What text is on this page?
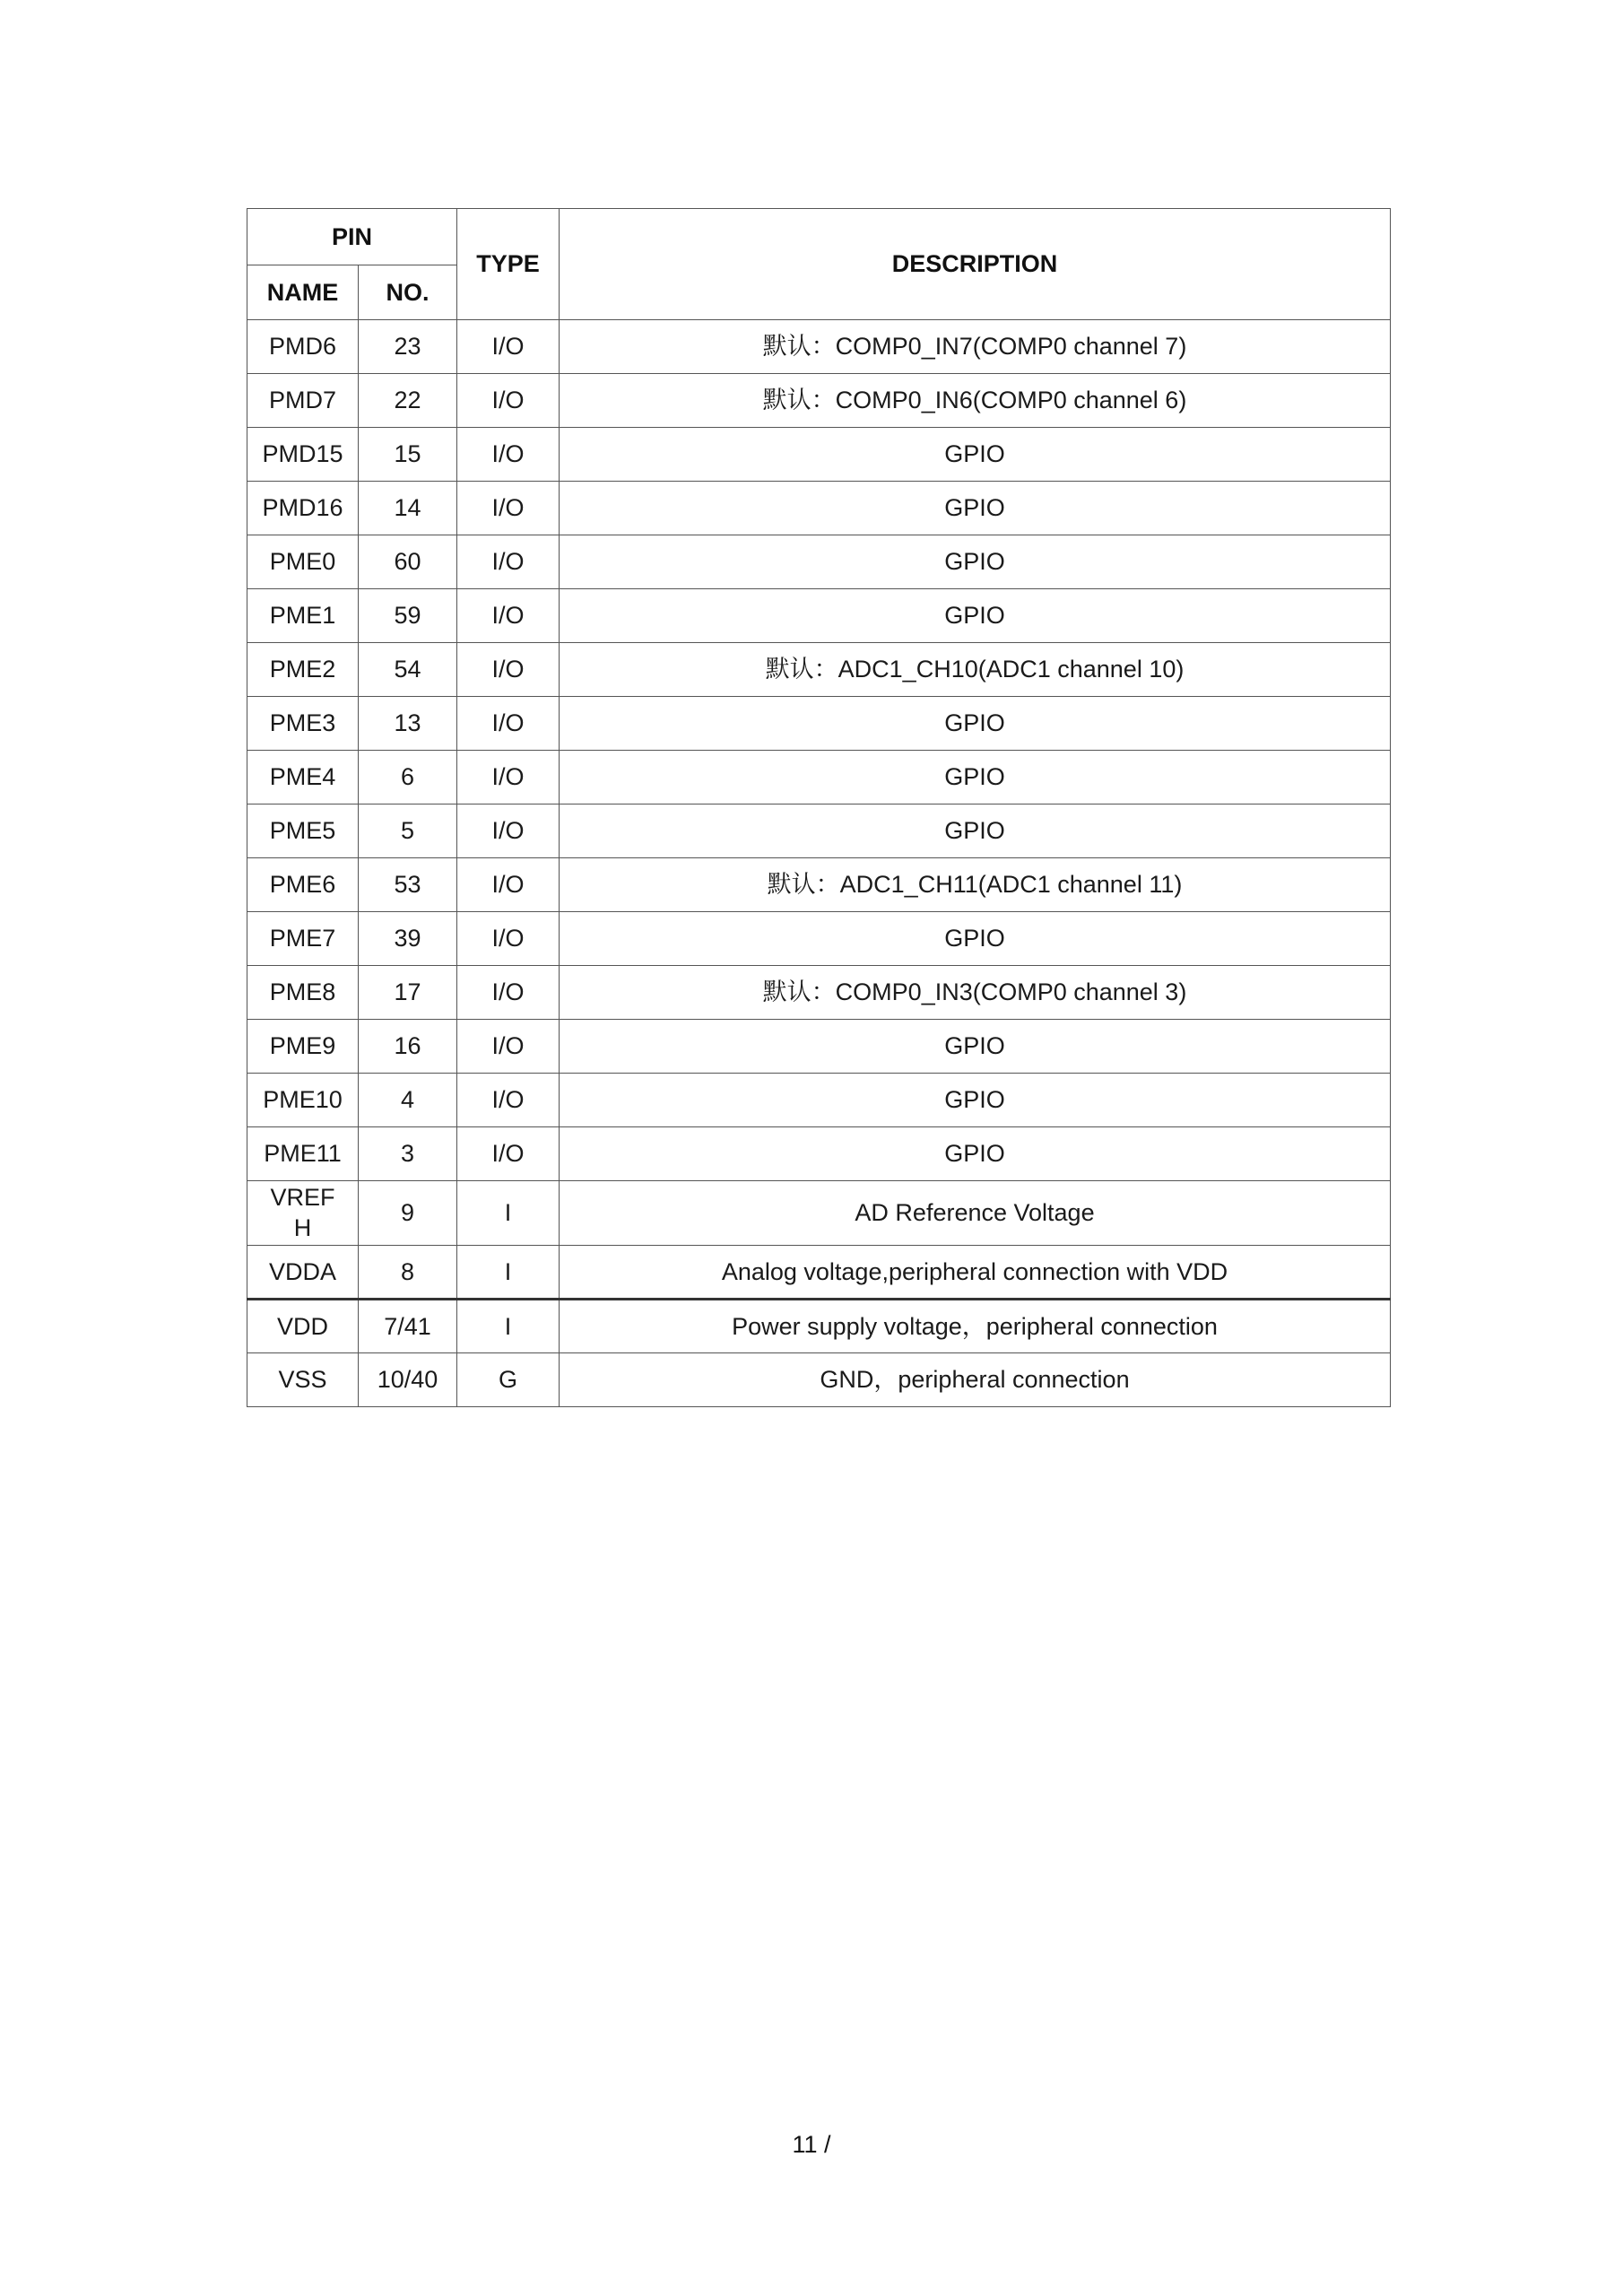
PIN		TYPE	DESCRIPTION
NAME	NO.		
PMD6	23	I/O	默认：COMP0_IN7(COMP0 channel 7)
PMD7	22	I/O	默认：COMP0_IN6(COMP0 channel 6)
PMD15	15	I/O	GPIO
PMD16	14	I/O	GPIO
PME0	60	I/O	GPIO
PME1	59	I/O	GPIO
PME2	54	I/O	默认：ADC1_CH10(ADC1 channel 10)
PME3	13	I/O	GPIO
PME4	6	I/O	GPIO
PME5	5	I/O	GPIO
PME6	53	I/O	默认：ADC1_CH11(ADC1 channel 11)
PME7	39	I/O	GPIO
PME8	17	I/O	默认：COMP0_IN3(COMP0 channel 3)
PME9	16	I/O	GPIO
PME10	4	I/O	GPIO
PME11	3	I/O	GPIO
VREFH	9	I	AD Reference Voltage
VDDA	8	I	Analog voltage,peripheral connection with VDD
VDD	7/41	I	Power supply voltage，peripheral connection
VSS	10/40	G	GND，peripheral connection
11 /
